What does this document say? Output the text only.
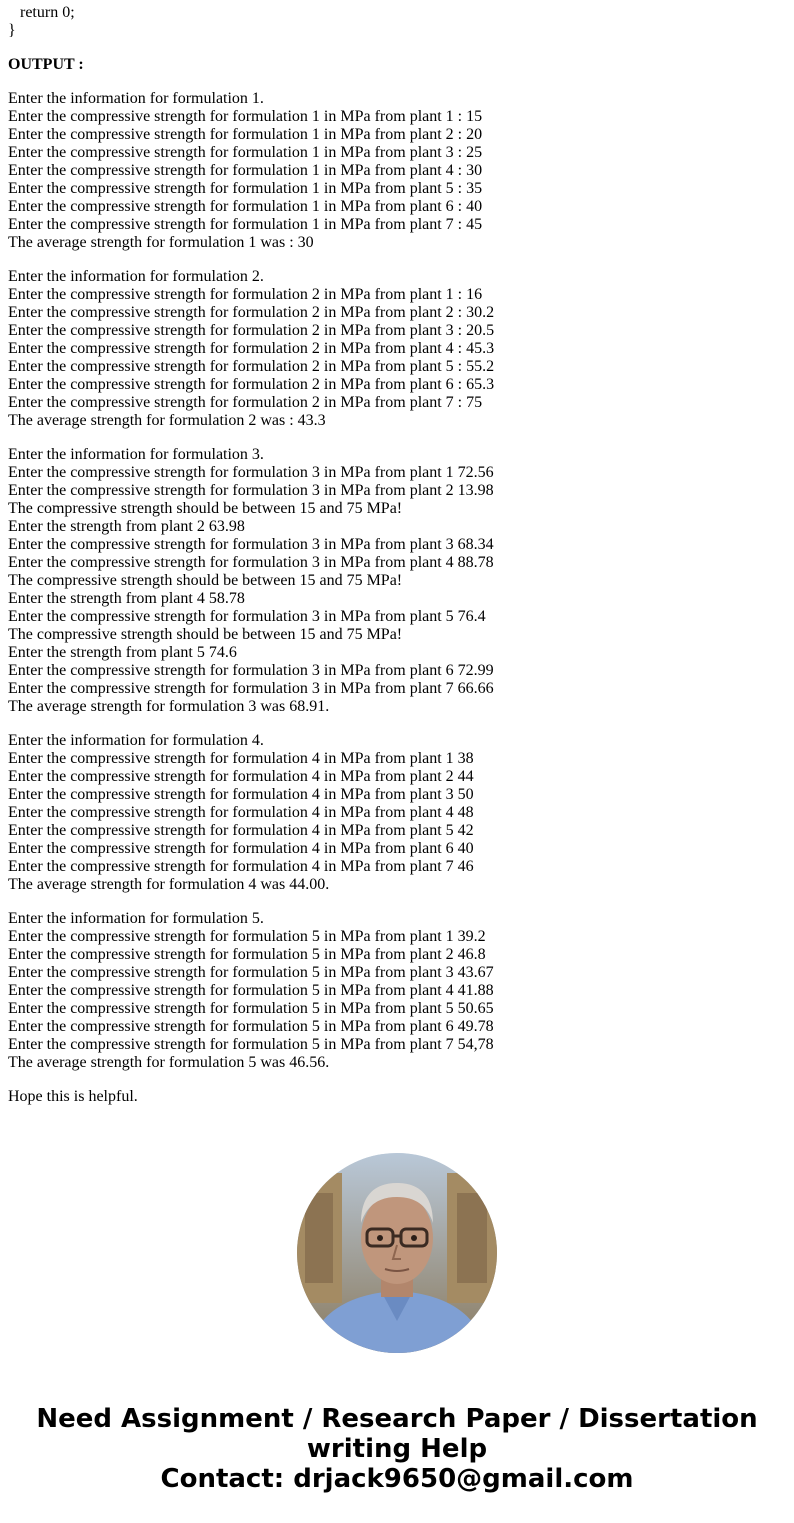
return 0;
}
OUTPUT :
Enter the information for formulation 1.
Enter the compressive strength for formulation 1 in MPa from plant 1 : 15
Enter the compressive strength for formulation 1 in MPa from plant 2 : 20
Enter the compressive strength for formulation 1 in MPa from plant 3 : 25
Enter the compressive strength for formulation 1 in MPa from plant 4 : 30
Enter the compressive strength for formulation 1 in MPa from plant 5 : 35
Enter the compressive strength for formulation 1 in MPa from plant 6 : 40
Enter the compressive strength for formulation 1 in MPa from plant 7 : 45
The average strength for formulation 1 was : 30
Enter the information for formulation 2.
Enter the compressive strength for formulation 2 in MPa from plant 1 : 16
Enter the compressive strength for formulation 2 in MPa from plant 2 : 30.2
Enter the compressive strength for formulation 2 in MPa from plant 3 : 20.5
Enter the compressive strength for formulation 2 in MPa from plant 4 : 45.3
Enter the compressive strength for formulation 2 in MPa from plant 5 : 55.2
Enter the compressive strength for formulation 2 in MPa from plant 6 : 65.3
Enter the compressive strength for formulation 2 in MPa from plant 7 : 75
The average strength for formulation 2 was : 43.3
Enter the information for formulation 3.
Enter the compressive strength for formulation 3 in MPa from plant 1 72.56
Enter the compressive strength for formulation 3 in MPa from plant 2 13.98
The compressive strength should be between 15 and 75 MPa!
Enter the strength from plant 2 63.98
Enter the compressive strength for formulation 3 in MPa from plant 3 68.34
Enter the compressive strength for formulation 3 in MPa from plant 4 88.78
The compressive strength should be between 15 and 75 MPa!
Enter the strength from plant 4 58.78
Enter the compressive strength for formulation 3 in MPa from plant 5 76.4
The compressive strength should be between 15 and 75 MPa!
Enter the strength from plant 5 74.6
Enter the compressive strength for formulation 3 in MPa from plant 6 72.99
Enter the compressive strength for formulation 3 in MPa from plant 7 66.66
The average strength for formulation 3 was 68.91.
Enter the information for formulation 4.
Enter the compressive strength for formulation 4 in MPa from plant 1 38
Enter the compressive strength for formulation 4 in MPa from plant 2 44
Enter the compressive strength for formulation 4 in MPa from plant 3 50
Enter the compressive strength for formulation 4 in MPa from plant 4 48
Enter the compressive strength for formulation 4 in MPa from plant 5 42
Enter the compressive strength for formulation 4 in MPa from plant 6 40
Enter the compressive strength for formulation 4 in MPa from plant 7 46
The average strength for formulation 4 was 44.00.
Enter the information for formulation 5.
Enter the compressive strength for formulation 5 in MPa from plant 1 39.2
Enter the compressive strength for formulation 5 in MPa from plant 2 46.8
Enter the compressive strength for formulation 5 in MPa from plant 3 43.67
Enter the compressive strength for formulation 5 in MPa from plant 4 41.88
Enter the compressive strength for formulation 5 in MPa from plant 5 50.65
Enter the compressive strength for formulation 5 in MPa from plant 6 49.78
Enter the compressive strength for formulation 5 in MPa from plant 7 54,78
The average strength for formulation 5 was 46.56.
Hope this is helpful.
Need Assignment / Research Paper / Dissertation
writing Help
Contact: drjack9650@gmail.com
